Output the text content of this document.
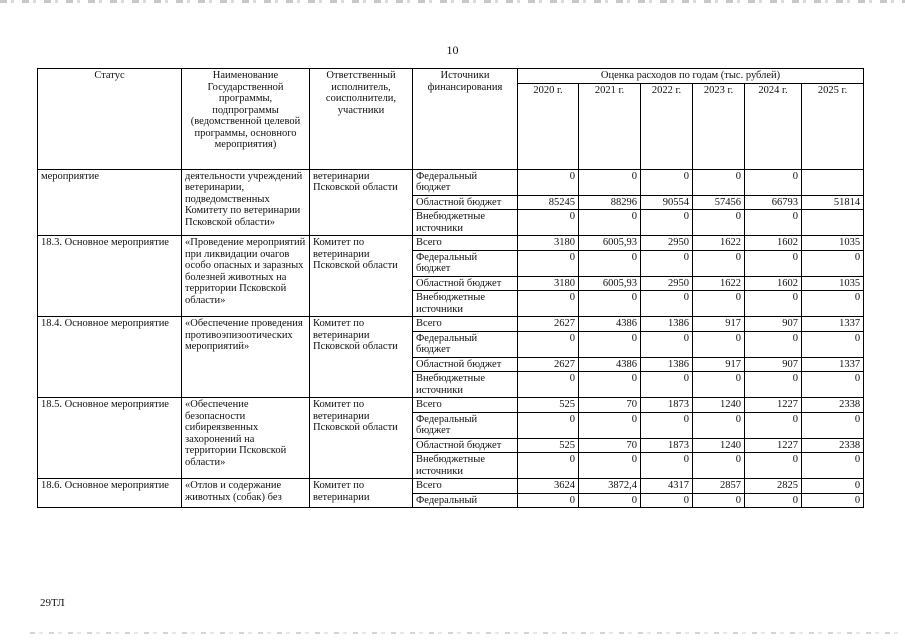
10
Статус	Наименование Государственной программы, подпрограммы (ведомственной целевой программы, основного мероприятия)	Ответственный исполнитель, соисполнители, участники	Источники финансирования	Оценка расходов по годам (тыс. рублей)					
				2020 г.	2021 г.	2022 г.	2023 г.	2024 г.	2025 г.
мероприятие	деятельности учреждений ветеринарии, подведомственных Комитету по ветеринарии Псковской области»	ветеринарии Псковской области	Федеральный бюджет	0	0	0	0	0	
			Областной бюджет	85245	88296	90554	57456	66793	51814
			Внебюджетные источники	0	0	0	0	0	
18.3. Основное мероприятие	«Проведение мероприятий при ликвидации очагов особо опасных и заразных болезней животных на территории Псковской области»	Комитет по ветеринарии Псковской области	Всего	3180	6005,93	2950	1622	1602	1035
			Федеральный бюджет	0	0	0	0	0	0
			Областной бюджет	3180	6005,93	2950	1622	1602	1035
			Внебюджетные источники	0	0	0	0	0	0
18.4. Основное мероприятие	«Обеспечение проведения противоэпизоотических мероприятий»	Комитет по ветеринарии Псковской области	Всего	2627	4386	1386	917	907	1337
			Федеральный бюджет	0	0	0	0	0	0
			Областной бюджет	2627	4386	1386	917	907	1337
			Внебюджетные источники	0	0	0	0	0	0
18.5. Основное мероприятие	«Обеспечение безопасности сибиреязвенных захоронений на территории Псковской области»	Комитет по ветеринарии Псковской области	Всего	525	70	1873	1240	1227	2338
			Федеральный бюджет	0	0	0	0	0	0
			Областной бюджет	525	70	1873	1240	1227	2338
			Внебюджетные источники	0	0	0	0	0	0
18.6. Основное мероприятие	«Отлов и содержание животных (собак) без	Комитет по ветеринарии	Всего	3624	3872,4	4317	2857	2825	0
			Федеральный	0	0	0	0	0	0
29ТЛ
